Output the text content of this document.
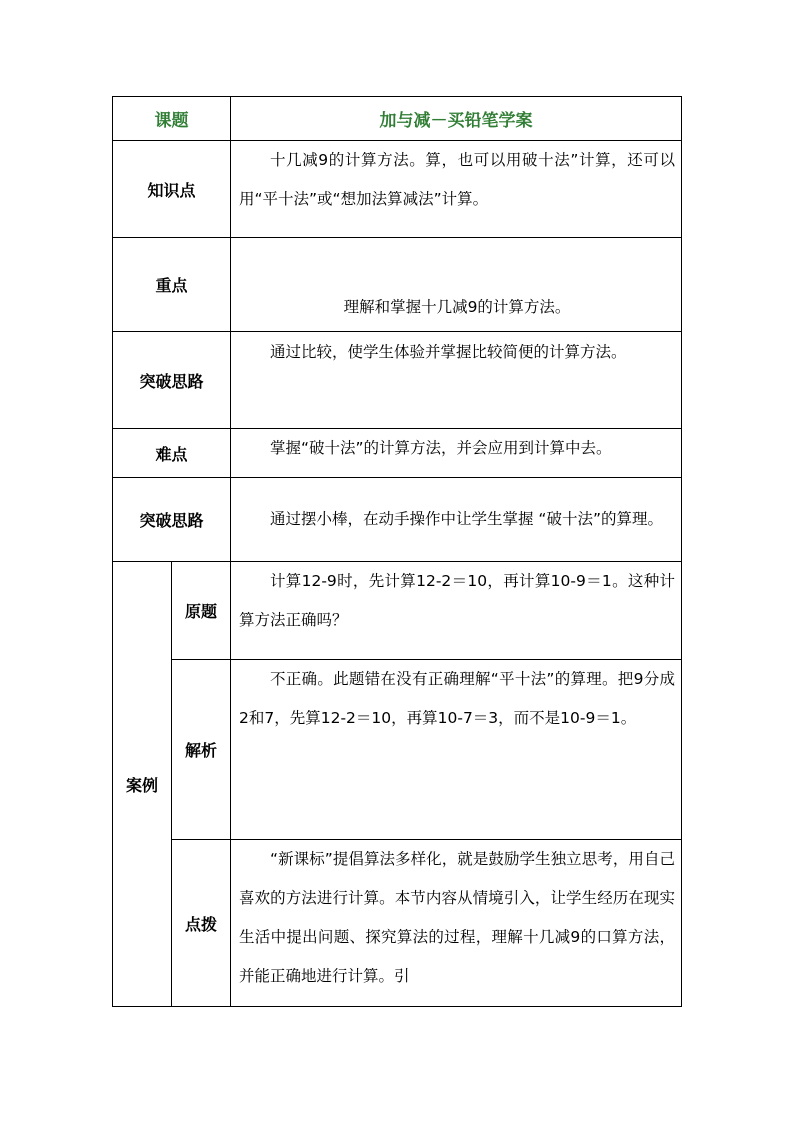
课题		加与减－买铅笔学案
知识点		十几减9的计算方法。算，也可以用破十法”计算，还可以用“平十法”或“想加法算减法”计算。

重点		理解和掌握十几减9的计算方法。

突破思路		通过比较，使学生体验并掌握比较简便的计算方法。

难点		掌握“破十法”的计算方法，并会应用到计算中去。

突破思路		通过摆小棒，在动手操作中让学生掌握 “破十法”的算理。

案例	原题	计算12-9时，先计算12-2＝10，再计算10-9＝1。这种计算方法正确吗？

	解析	不正确。此题错在没有正确理解“平十法”的算理。把9分成2和7，先算12-2＝10，再算10-7＝3，而不是10-9＝1。

	点拨	“新课标”提倡算法多样化，就是鼓励学生独立思考，用自己喜欢的方法进行计算。本节内容从情境引入，让学生经历在现实生活中提出问题、探究算法的过程，理解十几减9的口算方法，并能正确地进行计算。引
